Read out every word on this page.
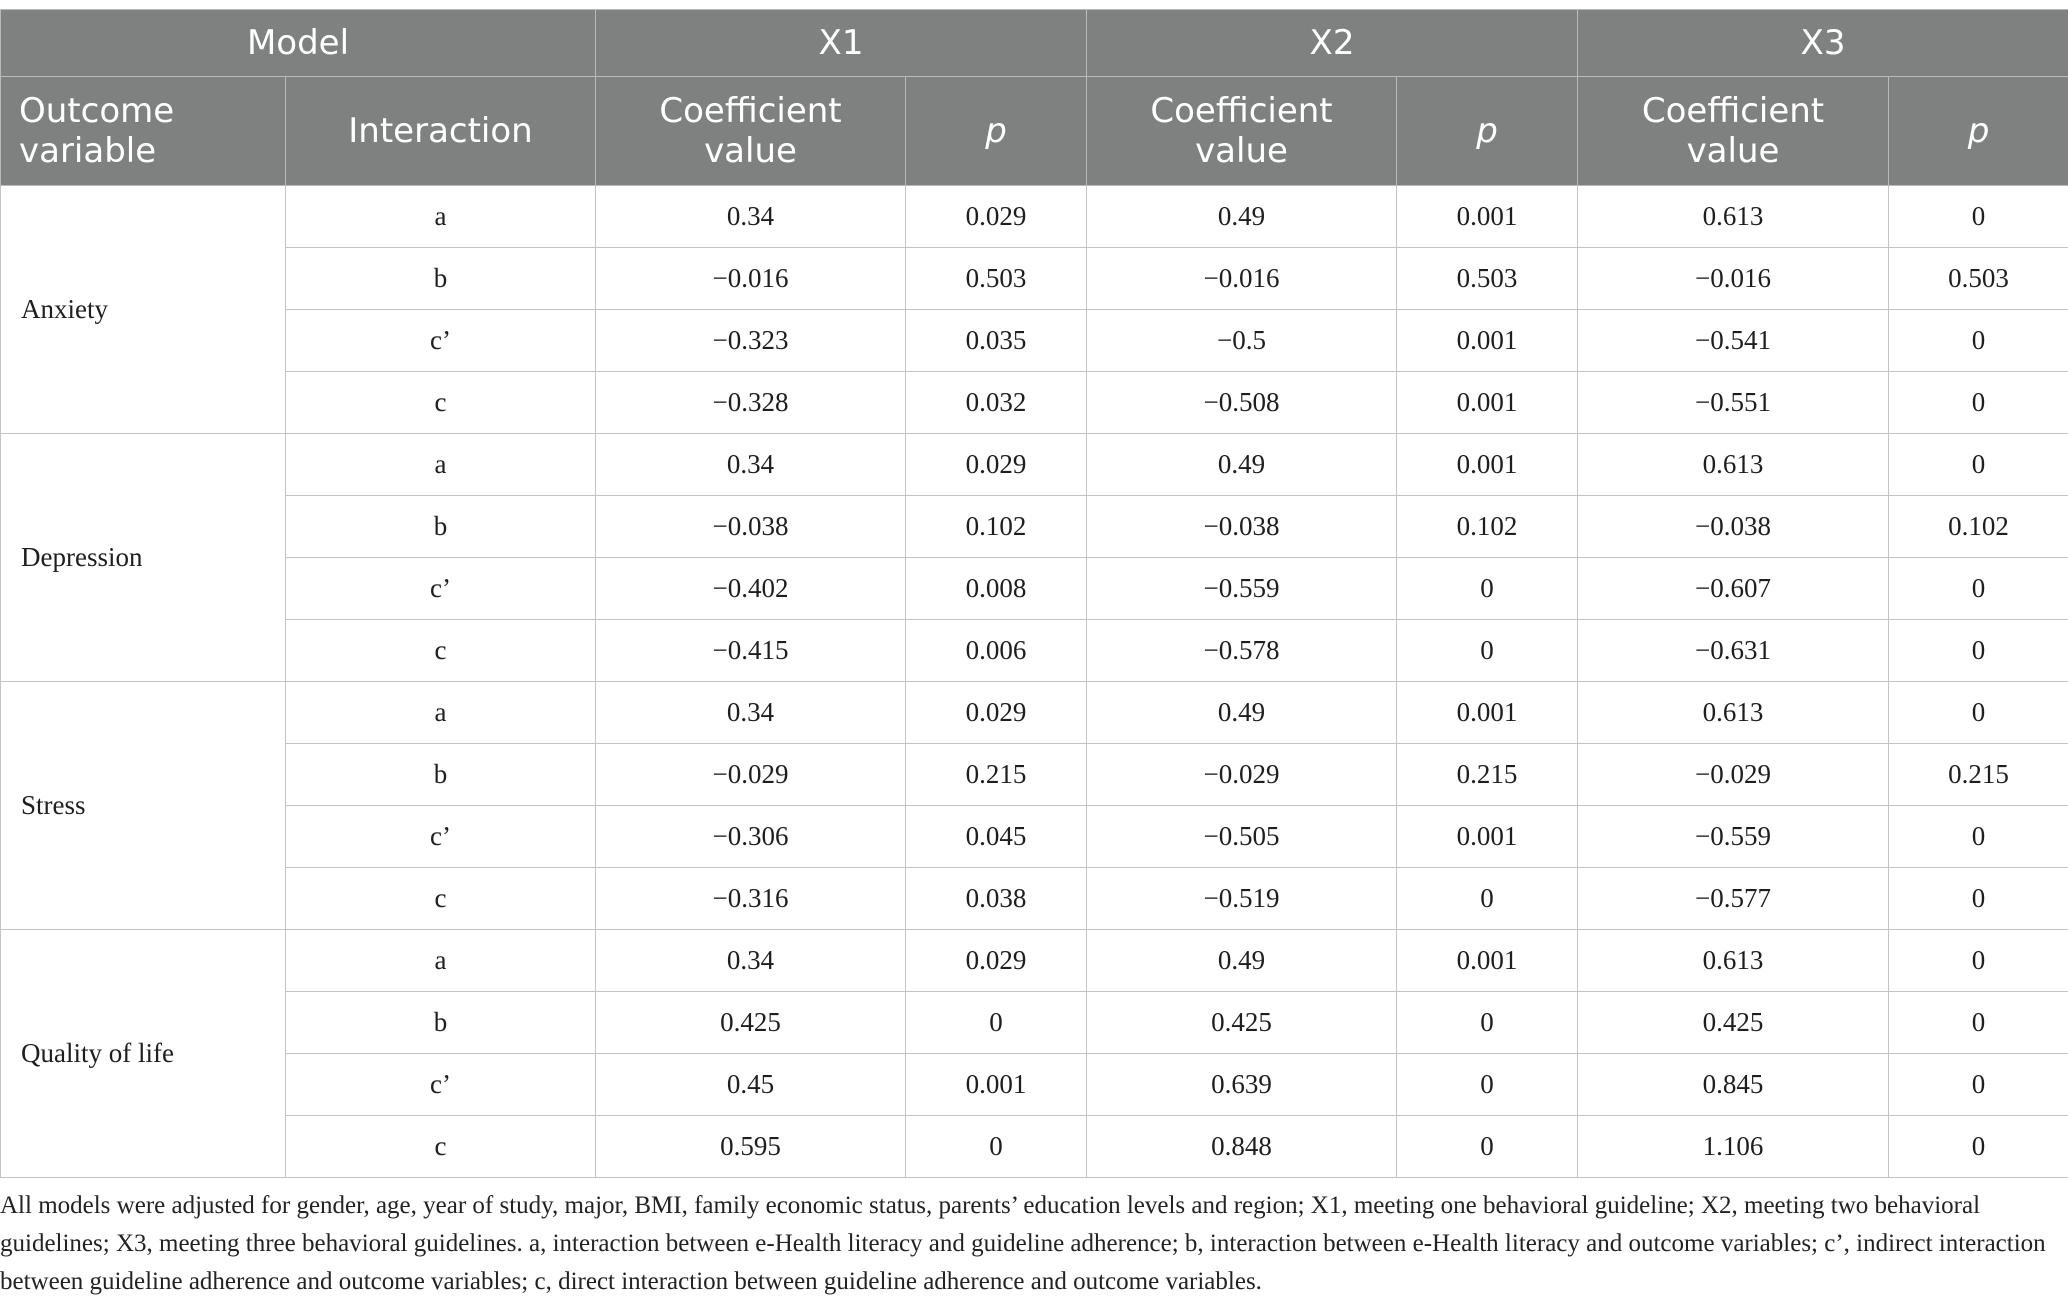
Model		X1		X2		X3	
Outcome variable	Interaction	Coefficient value	p	Coefficient value	p	Coefficient value	p
Anxiety	a	0.34	0.029	0.49	0.001	0.613	0
	b	−0.016	0.503	−0.016	0.503	−0.016	0.503
	c’	−0.323	0.035	−0.5	0.001	−0.541	0
	c	−0.328	0.032	−0.508	0.001	−0.551	0
Depression	a	0.34	0.029	0.49	0.001	0.613	0
	b	−0.038	0.102	−0.038	0.102	−0.038	0.102
	c’	−0.402	0.008	−0.559	0	−0.607	0
	c	−0.415	0.006	−0.578	0	−0.631	0
Stress	a	0.34	0.029	0.49	0.001	0.613	0
	b	−0.029	0.215	−0.029	0.215	−0.029	0.215
	c’	−0.306	0.045	−0.505	0.001	−0.559	0
	c	−0.316	0.038	−0.519	0	−0.577	0
Quality of life	a	0.34	0.029	0.49	0.001	0.613	0
	b	0.425	0	0.425	0	0.425	0
	c’	0.45	0.001	0.639	0	0.845	0
	c	0.595	0	0.848	0	1.106	0
All models were adjusted for gender, age, year of study, major, BMI, family economic status, parents’ education levels and region; X1, meeting one behavioral guideline; X2, meeting two behavioral guidelines; X3, meeting three behavioral guidelines. a, interaction between e-Health literacy and guideline adherence; b, interaction between e-Health literacy and outcome variables; c’, indirect interaction between guideline adherence and outcome variables; c, direct interaction between guideline adherence and outcome variables.
